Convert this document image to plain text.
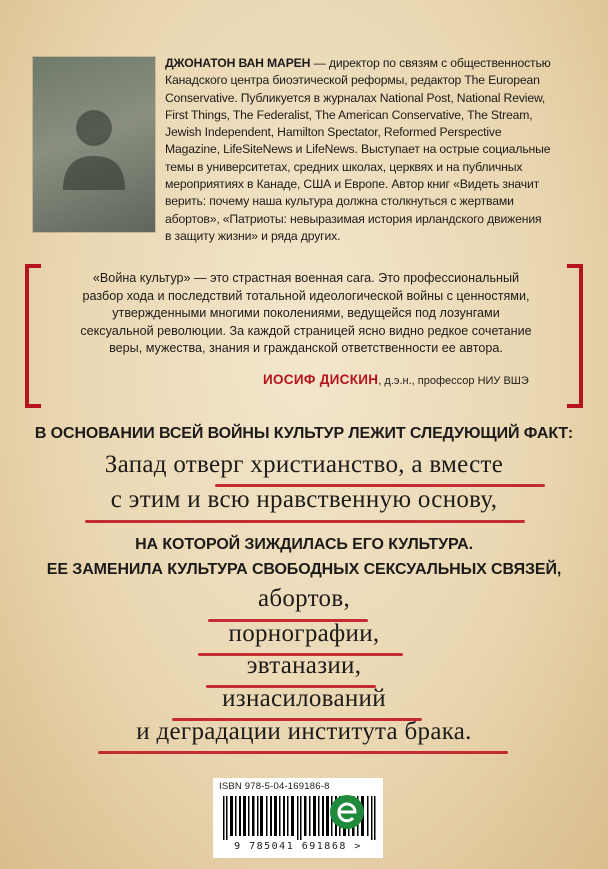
ДЖОНАТОН ВАН МАРЕН — директор по связям с общественностью
Канадского центра биоэтической реформы, редактор The European
Conservative. Публикуется в журналах National Post, National Review,
First Things, The Federalist, The American Conservative, The Stream,
Jewish Independent, Hamilton Spectator, Reformed Perspective
Magazine, LifeSiteNews и LifeNews. Выступает на острые социальные
темы в университетах, средних школах, церквях и на публичных
мероприятиях в Канаде, США и Европе. Автор книг «Видеть значит
верить: почему наша культура должна столкнуться с жертвами
абортов», «Патриоты: невыразимая история ирландского движения
в защиту жизни» и ряда других.
«Война культур» — это страстная военная сага. Это профессиональный
разбор хода и последствий тотальной идеологической войны с ценностями,
утвержденными многими поколениями, ведущейся под лозунгами
сексуальной революции. За каждой страницей ясно видно редкое сочетание
веры, мужества, знания и гражданской ответственности ее автора.
ИОСИФ ДИСКИН, д.э.н., профессор НИУ ВШЭ
В ОСНОВАНИИ ВСЕЙ ВОЙНЫ КУЛЬТУР ЛЕЖИТ СЛЕДУЮЩИЙ ФАКТ:
Запад отверг христианство, а вместе
с этим и всю нравственную основу,
НА КОТОРОЙ ЗИЖДИЛАСЬ ЕГО КУЛЬТУРА.
ЕЕ ЗАМЕНИЛА КУЛЬТУРА СВОБОДНЫХ СЕКСУАЛЬНЫХ СВЯЗЕЙ,
абортов,
порнографии,
эвтаназии,
изнасилований
и деградации института брака.
ISBN 978-5-04-169186-8
9 785041 691868 >
